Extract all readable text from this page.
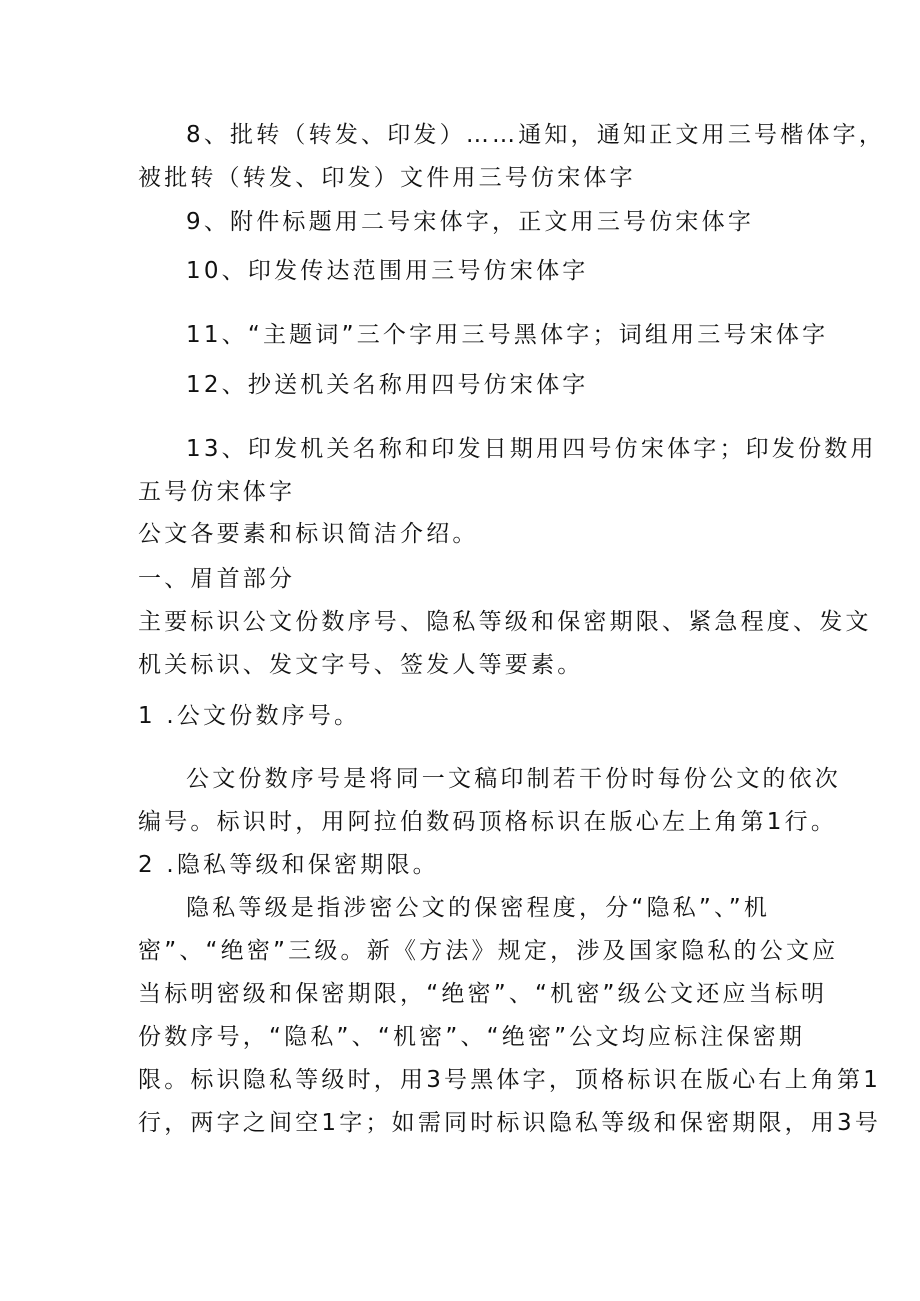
8、批转（转发、印发）……通知，通知正文用三号楷体字，
被批转（转发、印发）文件用三号仿宋体字
9、附件标题用二号宋体字，正文用三号仿宋体字
10、印发传达范围用三号仿宋体字
11、“主题词”三个字用三号黑体字；词组用三号宋体字
12、抄送机关名称用四号仿宋体字
13、印发机关名称和印发日期用四号仿宋体字；印发份数用
五号仿宋体字
公文各要素和标识简洁介绍。
一、眉首部分
主要标识公文份数序号、隐私等级和保密期限、紧急程度、发文
机关标识、发文字号、签发人等要素。
1 .公文份数序号。
公文份数序号是将同一文稿印制若干份时每份公文的依次
编号。标识时，用阿拉伯数码顶格标识在版心左上角第1行。
2 .隐私等级和保密期限。
隐私等级是指涉密公文的保密程度，分“隐私”、”机
密”、“绝密”三级。新《方法》规定，涉及国家隐私的公文应
当标明密级和保密期限，“绝密”、“机密”级公文还应当标明
份数序号，“隐私”、“机密”、“绝密”公文均应标注保密期
限。标识隐私等级时，用3号黑体字，顶格标识在版心右上角第1
行，两字之间空1字；如需同时标识隐私等级和保密期限，用3号
